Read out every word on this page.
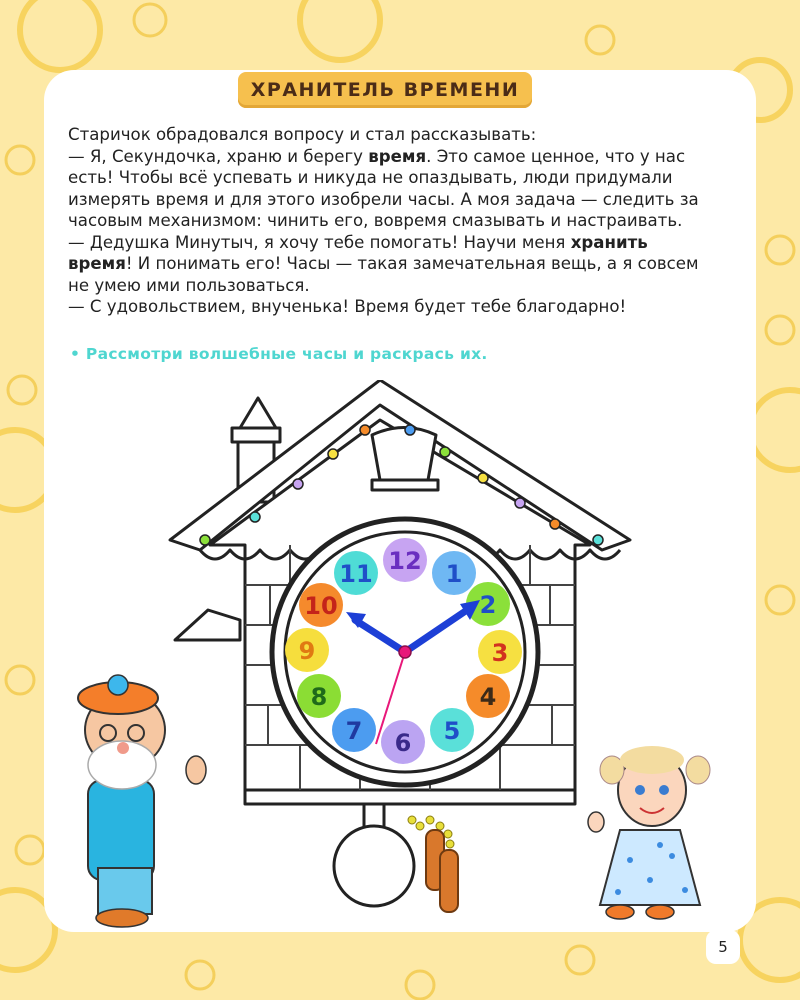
ХРАНИТЕЛЬ ВРЕМЕНИ

Старичок обрадовался вопросу и стал рассказывать:

— Я, Секундочка, храню и берегу время. Это самое ценное, что у нас есть! Чтобы всё успевать и никуда не опаздывать, люди придумали измерять время и для этого изобрели часы. А моя задача — следить за часовым механизмом: чинить его, вовремя смазывать и настраивать.

— Дедушка Минутыч, я хочу тебе помогать! Научи меня хранить время! И понимать его! Часы — такая замечательная вещь, а я совсем не умею ими пользоваться.

— С удовольствием, внученька! Время будет тебе благодарно!

• Рассмотри волшебные часы и раскрась их.
12 1
2
3
4
5
6
7
8
9
10
11
5
